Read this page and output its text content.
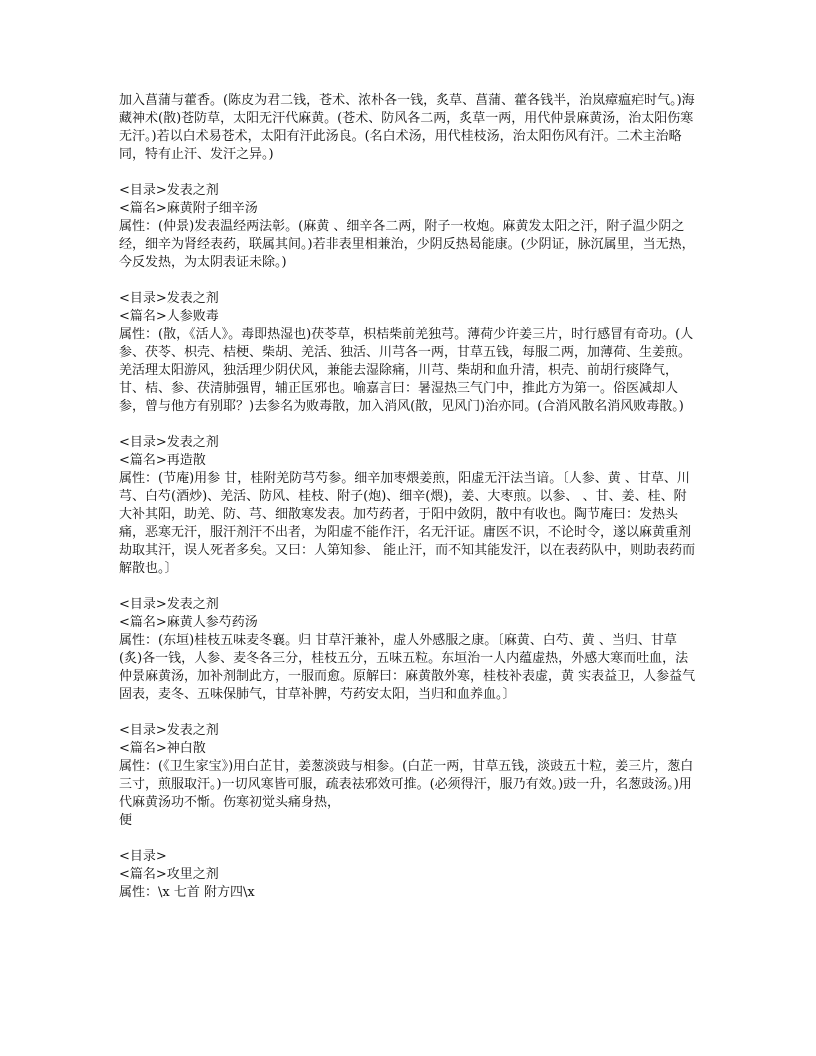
加入菖蒲与藿香。(陈皮为君二钱，苍术、浓朴各一钱，炙草、菖蒲、藿各钱半，治岚瘴瘟疟时气。)海藏神术(散)苍防草，太阳无汗代麻黄。(苍术、防风各二两，炙草一两，用代仲景麻黄汤，治太阳伤寒无汗。)若以白术易苍术，太阳有汗此汤良。(名白术汤，用代桂枝汤，治太阳伤风有汗。二术主治略同，特有止汗、发汗之异。)

<目录>发表之剂
<篇名>麻黄附子细辛汤

属性：(仲景)发表温经两法彰。(麻黄 、细辛各二两，附子一枚炮。麻黄发太阳之汗，附子温少阴之经，细辛为肾经表药，联属其间。)若非表里相兼治，少阴反热曷能康。(少阴证，脉沉属里，当无热，今反发热，为太阴表证未除。)

<目录>发表之剂
<篇名>人参败毒

属性：(散，《活人》。毒即热湿也)茯苓草，枳桔柴前羌独芎。薄荷少许姜三片，时行感冒有奇功。(人参、茯苓、枳壳、桔梗、柴胡、羌活、独活、川芎各一两，甘草五钱，每服二两，加薄荷、生姜煎。羌活理太阳游风，独活理少阴伏风，兼能去湿除痛，川芎、柴胡和血升清，枳壳、前胡行痰降气，甘、桔、参、茯清肺强胃，辅正匡邪也。喻嘉言曰：暑湿热三气门中，推此方为第一。俗医减却人参，曾与他方有别耶？)去参名为败毒散，加入消风(散，见风门)治亦同。(合消风散名消风败毒散。)

<目录>发表之剂
<篇名>再造散

属性：(节庵)用参 甘，桂附羌防芎芍参。细辛加枣煨姜煎，阳虚无汗法当谙。〔人参、黄 、甘草、川芎、白芍(酒炒)、羌活、防风、桂枝、附子(炮)、细辛(煨)，姜、大枣煎。以参、 、甘、姜、桂、附大补其阳，助羌、防、芎、细散寒发表。加芍药者，于阳中敛阴，散中有收也。陶节庵曰：发热头痛，恶寒无汗，服汗剂汗不出者，为阳虚不能作汗，名无汗证。庸医不识，不论时令，遂以麻黄重剂劫取其汗，误人死者多矣。又曰：人第知参、 能止汗，而不知其能发汗，以在表药队中，则助表药而解散也。〕

<目录>发表之剂
<篇名>麻黄人参芍药汤

属性：(东垣)桂枝五味麦冬襄。归 甘草汗兼补，虚人外感服之康。〔麻黄、白芍、黄 、当归、甘草(炙)各一钱，人参、麦冬各三分，桂枝五分，五味五粒。东垣治一人内蕴虚热，外感大寒而吐血，法仲景麻黄汤，加补剂制此方，一服而愈。原解曰：麻黄散外寒，桂枝补表虚，黄 实表益卫，人参益气固表，麦冬、五味保肺气，甘草补脾，芍药安太阳，当归和血养血。〕

<目录>发表之剂
<篇名>神白散

属性：(《卫生家宝》)用白芷甘，姜葱淡豉与相参。(白芷一两，甘草五钱，淡豉五十粒，姜三片，葱白三寸，煎服取汗。)一切风寒皆可服，疏表祛邪效可推。(必须得汗，服乃有效。)豉一升，名葱豉汤。)用代麻黄汤功不惭。伤寒初觉头痛身热，

便
<目录>
<篇名>攻里之剂

属性：\x 七首 附方四\x
